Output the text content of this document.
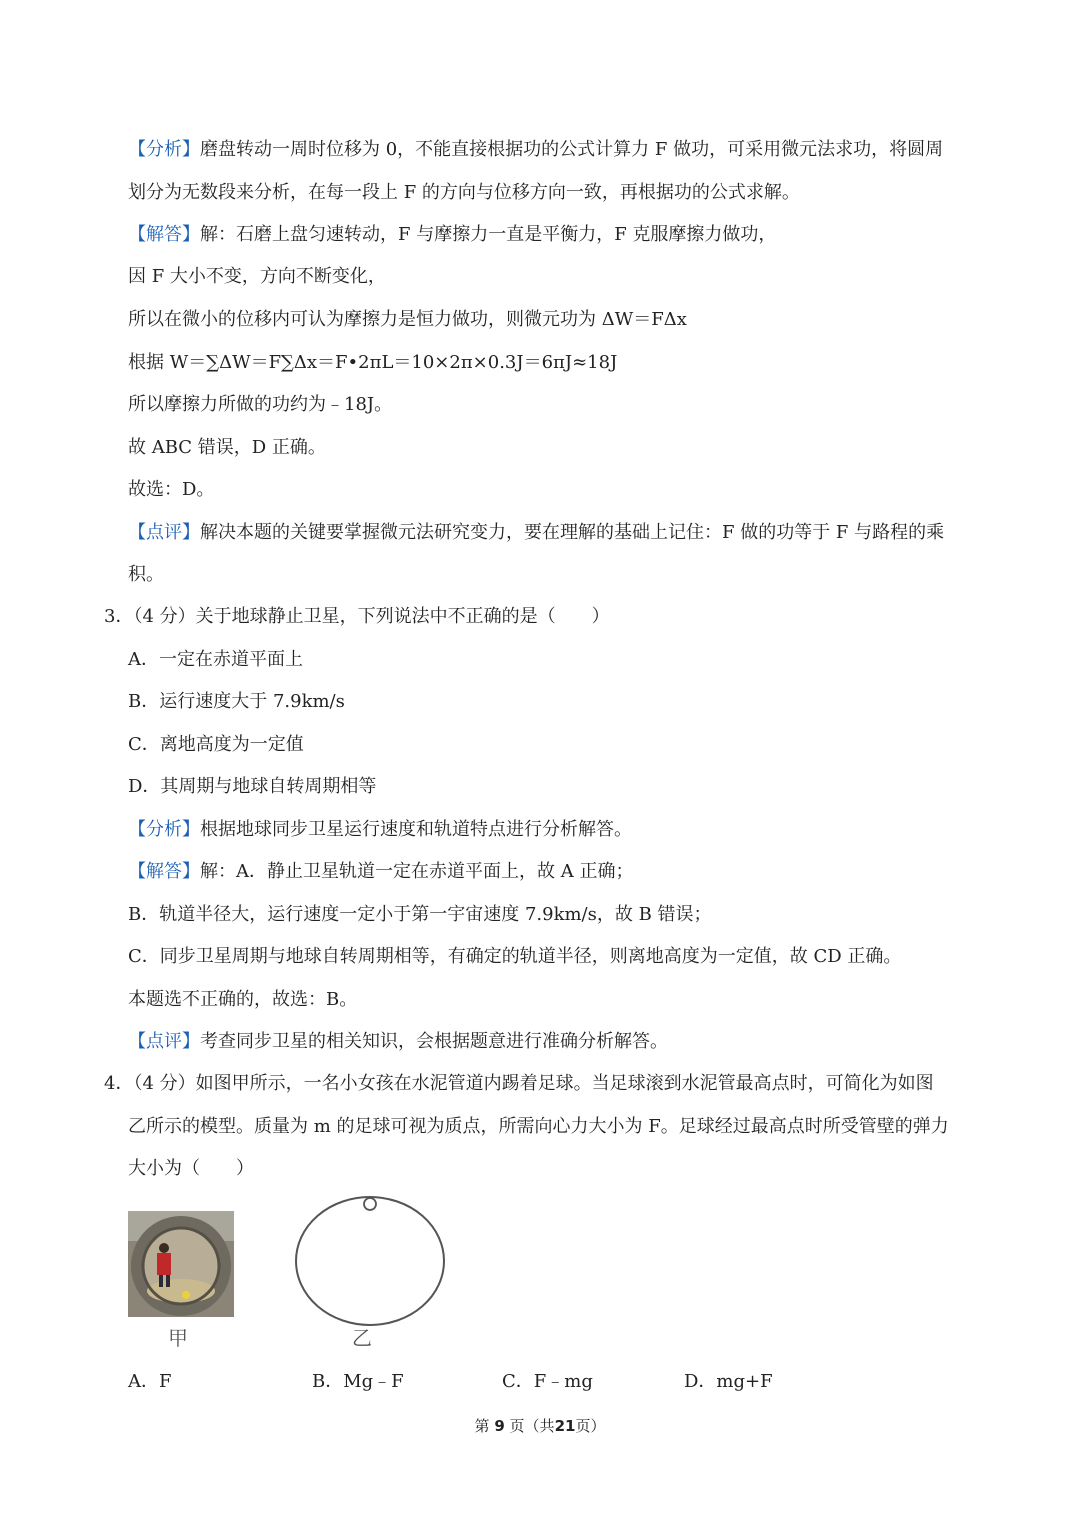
【分析】磨盘转动一周时位移为 0，不能直接根据功的公式计算力 F 做功，可采用微元法求功，将圆周
划分为无数段来分析，在每一段上 F 的方向与位移方向一致，再根据功的公式求解。
【解答】解：石磨上盘匀速转动，F 与摩擦力一直是平衡力，F 克服摩擦力做功，
因 F 大小不变，方向不断变化，
所以在微小的位移内可认为摩擦力是恒力做功，则微元功为 ΔW＝FΔx
根据 W＝∑ΔW＝F∑Δx＝F•2πL＝10×2π×0.3J＝6πJ≈18J
所以摩擦力所做的功约为﹣18J。
故 ABC 错误，D 正确。
故选：D。
【点评】解决本题的关键要掌握微元法研究变力，要在理解的基础上记住：F 做的功等于 F 与路程的乘
积。
3．（4 分）关于地球静止卫星，下列说法中不正确的是（　　）
A．一定在赤道平面上
B．运行速度大于 7.9km/s
C．离地高度为一定值
D．其周期与地球自转周期相等
【分析】根据地球同步卫星运行速度和轨道特点进行分析解答。
【解答】解：A．静止卫星轨道一定在赤道平面上，故 A 正确；
B．轨道半径大，运行速度一定小于第一宇宙速度 7.9km/s，故 B 错误；
C．同步卫星周期与地球自转周期相等，有确定的轨道半径，则离地高度为一定值，故 CD 正确。
本题选不正确的，故选：B。
【点评】考查同步卫星的相关知识，会根据题意进行准确分析解答。
4．（4 分）如图甲所示，一名小女孩在水泥管道内踢着足球。当足球滚到水泥管最高点时，可简化为如图
乙所示的模型。质量为 m 的足球可视为质点，所需向心力大小为 F。足球经过最高点时所受管壁的弹力
大小为（　　）
甲	乙
A．F	B．Mg﹣F	C．F﹣mg	D．mg+F
第 9 页（共21页）
